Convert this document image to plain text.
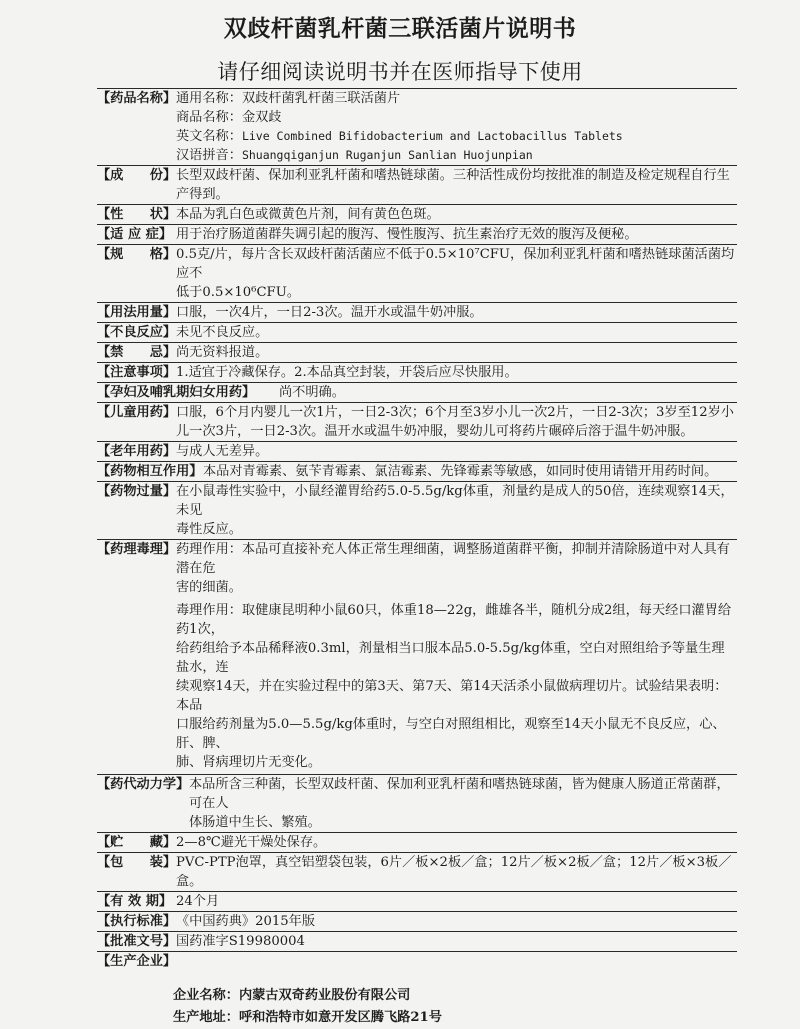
双歧杆菌乳杆菌三联活菌片说明书
请仔细阅读说明书并在医师指导下使用
【药品名称】 通用名称：双歧杆菌乳杆菌三联活菌片
商品名称：金双歧
英文名称：Live Combined Bifidobacterium and Lactobacillus Tablets
汉语拼音：Shuangqiganjun Ruganjun Sanlian Huojunpian
【成　　份】 长型双歧杆菌、保加利亚乳杆菌和嗜热链球菌。三种活性成份均按批准的制造及检定规程自行生产得到。
【性　　状】 本品为乳白色或微黄色片剂，间有黄色色斑。
【适 应 症】 用于治疗肠道菌群失调引起的腹泻、慢性腹泻、抗生素治疗无效的腹泻及便秘。
【规　　格】 0.5克/片，每片含长双歧杆菌活菌应不低于0.5×10⁷CFU，保加利亚乳杆菌和嗜热链球菌活菌均应不
低于0.5×10⁶CFU。
【用法用量】 口服，一次4片，一日2-3次。温开水或温牛奶冲服。
【不良反应】 未见不良反应。
【禁　　忌】 尚无资料报道。
【注意事项】 1.适宜于冷藏保存。2.本品真空封装，开袋后应尽快服用。
【孕妇及哺乳期妇女用药】 尚不明确。
【儿童用药】 口服，6个月内婴儿一次1片，一日2-3次；6个月至3岁小儿一次2片，一日2-3次；3岁至12岁小
儿一次3片，一日2-3次。温开水或温牛奶冲服，婴幼儿可将药片碾碎后溶于温牛奶冲服。
【老年用药】 与成人无差异。
【药物相互作用】 本品对青霉素、氨苄青霉素、氯洁霉素、先锋霉素等敏感，如同时使用请错开用药时间。
【药物过量】 在小鼠毒性实验中，小鼠经灌胃给药5.0-5.5g/kg体重，剂量约是成人的50倍，连续观察14天，未见
毒性反应。
【药理毒理】 药理作用：本品可直接补充人体正常生理细菌，调整肠道菌群平衡，抑制并清除肠道中对人具有潜在危
害的细菌。
毒理作用：取健康昆明种小鼠60只，体重18—22g，雌雄各半，随机分成2组，每天经口灌胃给药1次，
给药组给予本品稀释液0.3ml，剂量相当口服本品5.0-5.5g/kg体重，空白对照组给予等量生理盐水，连
续观察14天，并在实验过程中的第3天、第7天、第14天活杀小鼠做病理切片。试验结果表明：本品
口服给药剂量为5.0—5.5g/kg体重时，与空白对照组相比，观察至14天小鼠无不良反应，心、肝、脾、
肺、肾病理切片无变化。
【药代动力学】 本品所含三种菌，长型双歧杆菌、保加利亚乳杆菌和嗜热链球菌，皆为健康人肠道正常菌群，可在人
体肠道中生长、繁殖。
【贮　　藏】 2—8℃避光干燥处保存。
【包　　装】 PVC-PTP泡罩，真空铝塑袋包装，6片／板×2板／盒；12片／板×2板／盒；12片／板×3板／盒。
【有 效 期】 24个月
【执行标准】 《中国药典》2015年版
【批准文号】 国药准字S19980004
【生产企业】
企业名称：内蒙古双奇药业股份有限公司
生产地址：呼和浩特市如意开发区腾飞路21号
